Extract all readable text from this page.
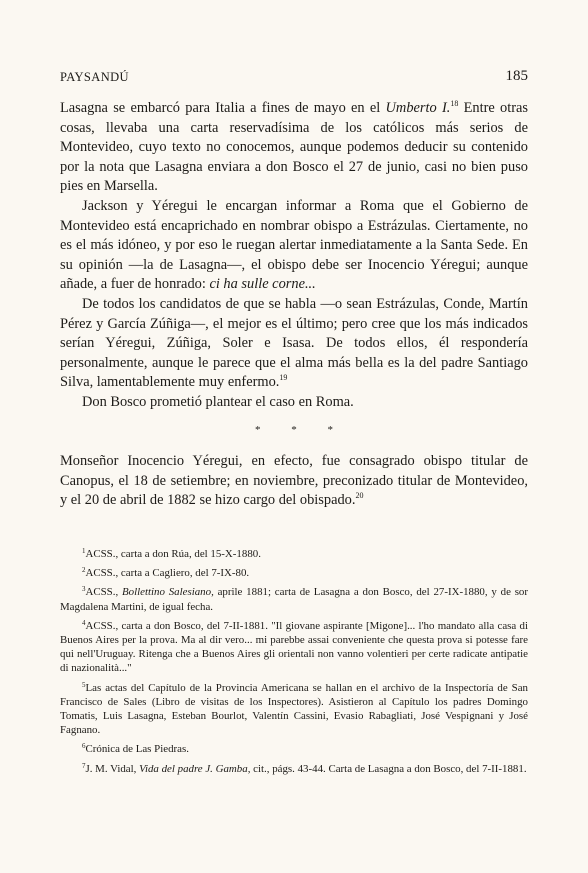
PAYSANDÚ	185

Lasagna se embarcó para Italia a fines de mayo en el Umberto I.$^{18}$ Entre otras cosas, llevaba una carta reservadísima de los católicos más serios de Montevideo, cuyo texto no conocemos, aunque podemos deducir su contenido por la nota que Lasagna enviara a don Bosco el 27 de junio, casi no bien puso pies en Marsella.

Jackson y Yéregui le encargan informar a Roma que el Gobierno de Montevideo está encaprichado en nombrar obispo a Estrázulas. Ciertamente, no es el más idóneo, y por eso le ruegan alertar inmediatamente a la Santa Sede. En su opinión —la de Lasagna—, el obispo debe ser Inocencio Yéregui; aunque añade, a fuer de honrado: ci ha sulle corne...

De todos los candidatos de que se habla —o sean Estrázulas, Conde, Martín Pérez y García Zúñiga—, el mejor es el último; pero cree que los más indicados serían Yéregui, Zúñiga, Soler e Isasa. De todos ellos, él respondería personalmente, aunque le parece que el alma más bella es la del padre Santiago Silva, lamentablemente muy enfermo.$^{19}$

Don Bosco prometió plantear el caso en Roma.

* * *

Monseñor Inocencio Yéregui, en efecto, fue consagrado obispo titular de Canopus, el 18 de setiembre; en noviembre, preconizado titular de Montevideo, y el 20 de abril de 1882 se hizo cargo del obispado.$^{20}$

$^1$ACSS., carta a don Rúa, del 15-X-1880.

$^2$ACSS., carta a Cagliero, del 7-IX-80.

$^3$ACSS., Bollettino Salesiano, aprile 1881; carta de Lasagna a don Bosco, del 27-IX-1880, y de sor Magdalena Martini, de igual fecha.

$^4$ACSS., carta a don Bosco, del 7-II-1881. "Il giovane aspirante [Migone]... l'ho mandato alla casa di Buenos Aires per la prova. Ma al dir vero... mi parebbe assai conveniente che questa prova si potesse fare qui nell'Uruguay. Ritenga che a Buenos Aires gli orientali non vanno volentieri per certe radicate antipatie di nazionalità..."

$^5$Las actas del Capítulo de la Provincia Americana se hallan en el archivo de la Inspectoría de San Francisco de Sales (Libro de visitas de los Inspectores). Asistieron al Capítulo los padres Domingo Tomatis, Luis Lasagna, Esteban Bourlot, Valentín Cassini, Evasio Rabagliati, José Vespignani y José Fagnano.

$^6$Crónica de Las Piedras.

$^7$J. M. Vidal, Vida del padre J. Gamba, cit., págs. 43-44. Carta de Lasagna a don Bosco, del 7-II-1881.
